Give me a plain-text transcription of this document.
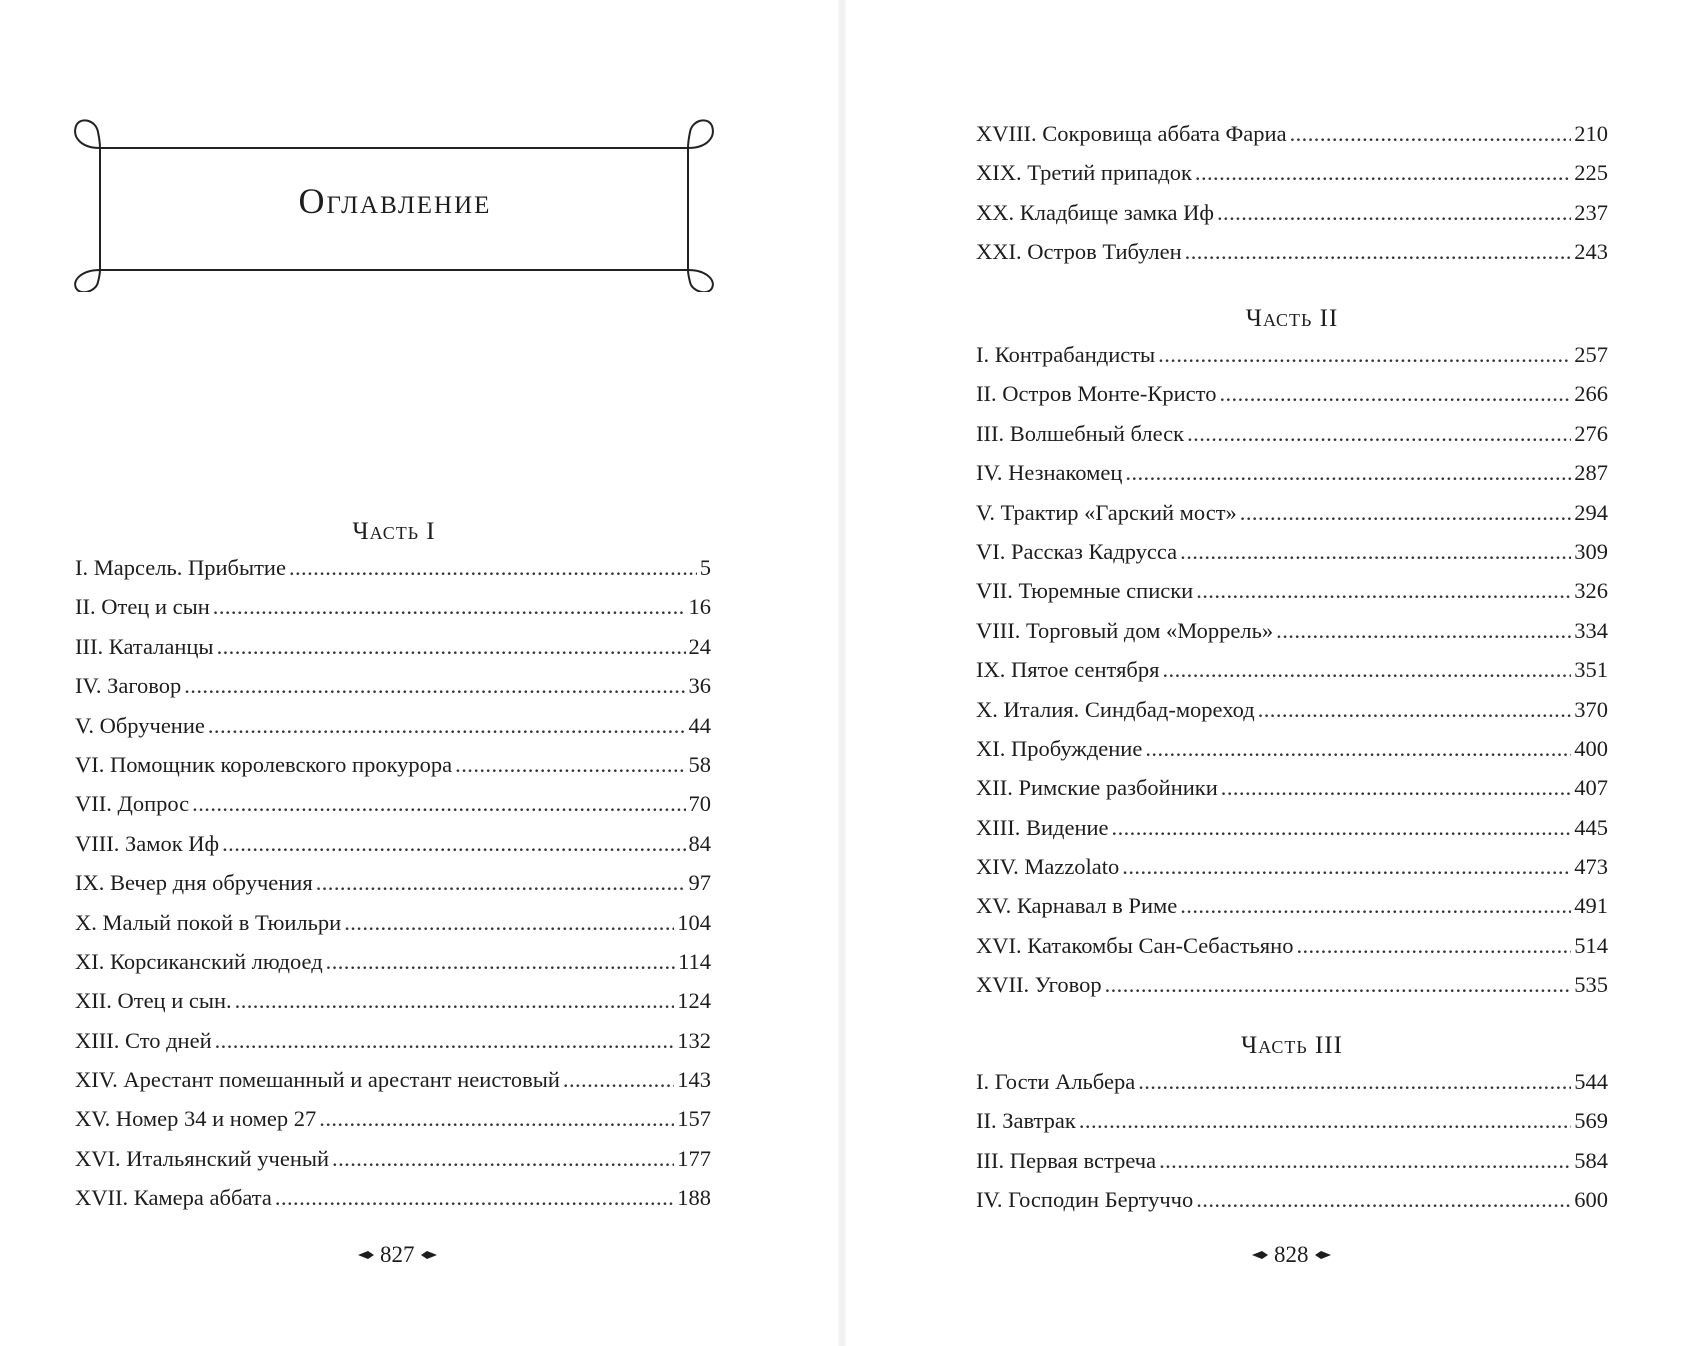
Оглавление
Часть I
I. Марсель. Прибытие . . .	5
II. Отец и сын . . .	16
III. Каталанцы . . .	24
IV. Заговор . . .	36
V. Обручение . . .	44
VI. Помощник королевского прокурора . . .	58
VII. Допрос . . .	70
VIII. Замок Иф . . .	84
IX. Вечер дня обручения . . .	97
X. Малый покой в Тюильри . . .	104
XI. Корсиканский людоед . . .	114
XII. Отец и сын. . . .	124
XIII. Сто дней . . .	132
XIV. Арестант помешанный и арестант неистовый . . .	143
XV. Номер 34 и номер 27 . . .	157
XVI. Итальянский ученый . . .	177
XVII. Камера аббата . . .	188
827
XVIII. Сокровища аббата Фариа . . .	210
XIX. Третий припадок . . .	225
XX. Кладбище замка Иф . . .	237
XXI. Остров Тибулен . . .	243
Часть II
I. Контрабандисты . . .	257
II. Остров Монте-Кристо . . .	266
III. Волшебный блеск . . .	276
IV. Незнакомец . . .	287
V. Трактир «Гарский мост» . . .	294
VI. Рассказ Кадрусса . . .	309
VII. Тюремные списки . . .	326
VIII. Торговый дом «Моррель» . . .	334
IX. Пятое сентября . . .	351
X. Италия. Синдбад-мореход . . .	370
XI. Пробуждение . . .	400
XII. Римские разбойники . . .	407
XIII. Видение . . .	445
XIV. Mazzolato . . .	473
XV. Карнавал в Риме . . .	491
XVI. Катакомбы Сан-Себастьяно . . .	514
XVII. Уговор . . .	535
Часть III
I. Гости Альбера . . .	544
II. Завтрак . . .	569
III. Первая встреча . . .	584
IV. Господин Бертуччо . . .	600
828
